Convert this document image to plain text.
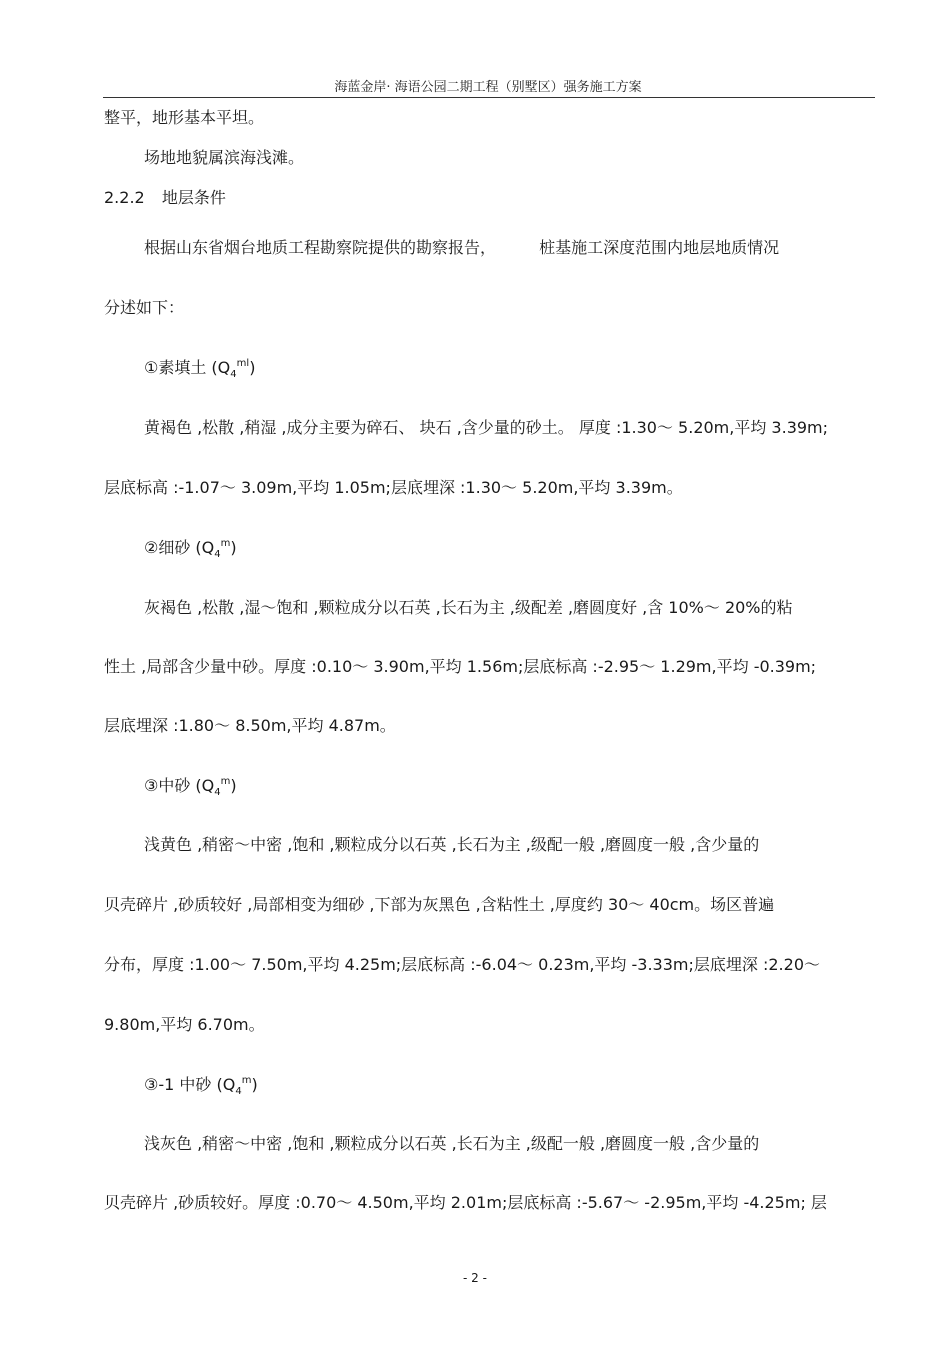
海蓝金岸· 海语公园二期工程（别墅区）强务施工方案
整平，地形基本平坦。
场地地貌属滨海浅滩。
2.2.2 地层条件
根据山东省烟台地质工程勘察院提供的勘察报告，	桩基施工深度范围内地层地质情况
分述如下：
①素填土 $(Q_4^{ml})$
黄褐色 ,松散 ,稍湿 ,成分主要为碎石、 块石 ,含少量的砂土。 厚度 :1.30～ 5.20m,平均 3.39m;
层底标高 :-1.07～ 3.09m,平均 1.05m;层底埋深 :1.30～ 5.20m,平均 3.39m。
②细砂 $(Q_4^m)$
灰褐色 ,松散 ,湿～饱和 ,颗粒成分以石英 ,长石为主 ,级配差 ,磨圆度好 ,含 10%～ 20%的粘
性土 ,局部含少量中砂。厚度 :0.10～ 3.90m,平均 1.56m;层底标高 :-2.95～ 1.29m,平均 -0.39m;
层底埋深 :1.80～ 8.50m,平均 4.87m。
③中砂 $(Q_4^m)$
浅黄色 ,稍密～中密 ,饱和 ,颗粒成分以石英 ,长石为主 ,级配一般 ,磨圆度一般 ,含少量的
贝壳碎片 ,砂质较好 ,局部相变为细砂 ,下部为灰黑色 ,含粘性土 ,厚度约 30～ 40cm。场区普遍
分布，厚度 :1.00～ 7.50m,平均 4.25m;层底标高 :-6.04～ 0.23m,平均 -3.33m;层底埋深 :2.20～
9.80m,平均 6.70m。
③-1 中砂 $(Q_4^m)$
浅灰色 ,稍密～中密 ,饱和 ,颗粒成分以石英 ,长石为主 ,级配一般 ,磨圆度一般 ,含少量的
贝壳碎片 ,砂质较好。厚度 :0.70～ 4.50m,平均 2.01m;层底标高 :-5.67～ -2.95m,平均 -4.25m; 层
- 2 -
